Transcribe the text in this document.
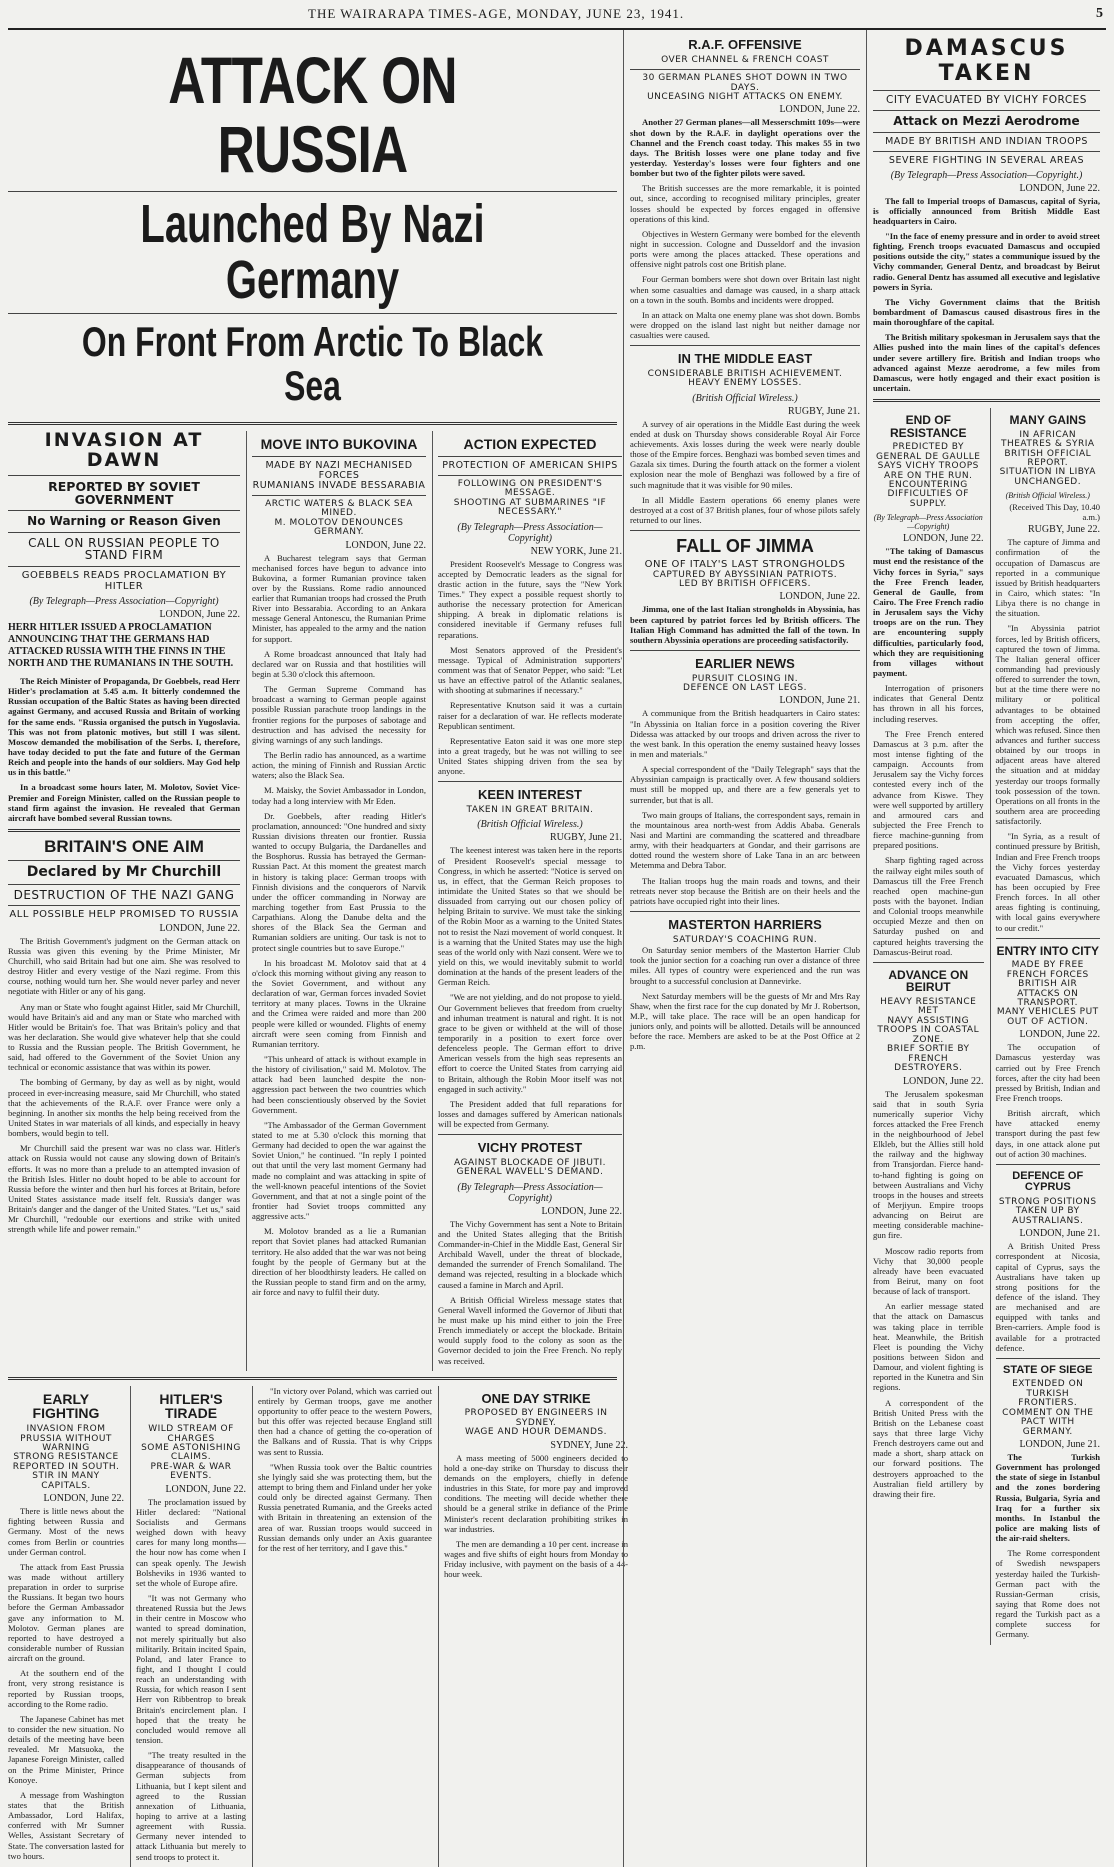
THE WAIRARAPA TIMES-AGE, MONDAY, JUNE 23, 1941.	5
ATTACK ON RUSSIA
Launched By Nazi Germany
On Front From Arctic To Black Sea
INVASION AT DAWN
REPORTED BY SOVIET GOVERNMENT
No Warning or Reason Given
CALL ON RUSSIAN PEOPLE TO STAND FIRM
GOEBBELS READS PROCLAMATION BY HITLER
(By Telegraph—Press Association—Copyright)
LONDON, June 22.
HERR HITLER ISSUED A PROCLAMATION ANNOUNCING THAT THE GERMANS HAD ATTACKED RUSSIA WITH THE FINNS IN THE NORTH AND THE RUMANIANS IN THE SOUTH.

The Reich Minister of Propaganda, Dr Goebbels, read Herr Hitler's proclamation at 5.45 a.m. It bitterly condemned the Russian occupation of the Baltic States as having been directed against Germany, and accused Russia and Britain of working for the same ends. "Russia organised the putsch in Yugoslavia. This was not from platonic motives, but still I was silent. Moscow demanded the mobilisation of the Serbs. I, therefore, have today decided to put the fate and future of the German Reich and people into the hands of our soldiers. May God help us in this battle."

In a broadcast some hours later, M. Molotov, Soviet Vice-Premier and Foreign Minister, called on the Russian people to stand firm against the invasion. He revealed that German aircraft have bombed several Russian towns.

BRITAIN'S ONE AIM
Declared by Mr Churchill
DESTRUCTION OF THE NAZI GANG
ALL POSSIBLE HELP PROMISED TO RUSSIA
LONDON, June 22.

The British Government's judgment on the German attack on Russia was given this evening by the Prime Minister, Mr Churchill, who said Britain had but one aim. She was resolved to destroy Hitler and every vestige of the Nazi regime. From this course, nothing would turn her. She would never parley and never negotiate with Hitler or any of his gang.

Any man or State who fought against Hitler, said Mr Churchill, would have Britain's aid and any man or State who marched with Hitler would be Britain's foe. That was Britain's policy and that was her declaration. She would give whatever help that she could to Russia and the Russian people. The British Government, he said, had offered to the Government of the Soviet Union any technical or economic assistance that was within its power.

The bombing of Germany, by day as well as by night, would proceed in ever-increasing measure, said Mr Churchill, who stated that the achievements of the R.A.F. over France were only a beginning. In another six months the help being received from the United States in war materials of all kinds, and especially in heavy bombers, would begin to tell.

Mr Churchill said the present war was no class war. Hitler's attack on Russia would not cause any slowing down of Britain's efforts. It was no more than a prelude to an attempted invasion of the British Isles. Hitler no doubt hoped to be able to account for Russia before the winter and then hurl his forces at Britain, before United States assistance made itself felt. Russia's danger was Britain's danger and the danger of the United States. "Let us," said Mr Churchill, "redouble our exertions and strike with united strength while life and power remain."

MOVE INTO BUKOVINA
MADE BY NAZI MECHANISED FORCES
RUMANIANS INVADE BESSARABIA
ARCTIC WATERS & BLACK SEA MINED.
M. MOLOTOV DENOUNCES GERMANY.
LONDON, June 22.

A Bucharest telegram says that German mechanised forces have begun to advance into Bukovina, a former Rumanian province taken over by the Russians. Rome radio announced earlier that Rumanian troops had crossed the Pruth River into Bessarabia. According to an Ankara message General Antonescu, the Rumanian Prime Minister, has appealed to the army and the nation for support.

A Rome broadcast announced that Italy had declared war on Russia and that hostilities will begin at 5.30 o'clock this afternoon.

The German Supreme Command has broadcast a warning to German people against possible Russian parachute troop landings in the frontier regions for the purposes of sabotage and destruction and has advised the necessity for giving warnings of any such landings.

The Berlin radio has announced, as a wartime action, the mining of Finnish and Russian Arctic waters; also the Black Sea.

M. Maisky, the Soviet Ambassador in London, today had a long interview with Mr Eden.

Dr. Goebbels, after reading Hitler's proclamation, announced: "One hundred and sixty Russian divisions threaten our frontier. Russia wanted to occupy Bulgaria, the Dardanelles and the Bosphorus. Russia has betrayed the German-Russian Pact. At this moment the greatest march in history is taking place: German troops with Finnish divisions and the conquerors of Narvik under the officer commanding in Norway are marching together from East Prussia to the Carpathians. Along the Danube delta and the shores of the Black Sea the German and Rumanian soldiers are uniting. Our task is not to protect single countries but to save Europe."

In his broadcast M. Molotov said that at 4 o'clock this morning without giving any reason to the Soviet Government, and without any declaration of war, German forces invaded Soviet territory at many places. Towns in the Ukraine and the Crimea were raided and more than 200 people were killed or wounded. Flights of enemy aircraft were seen coming from Finnish and Rumanian territory.

"This unheard of attack is without example in the history of civilisation," said M. Molotov. The attack had been launched despite the non-aggression pact between the two countries which had been conscientiously observed by the Soviet Government.

"The Ambassador of the German Government stated to me at 5.30 o'clock this morning that Germany had decided to open the war against the Soviet Union," he continued. "In reply I pointed out that until the very last moment Germany had made no complaint and was attacking in spite of the well-known peaceful intentions of the Soviet Government, and that at not a single point of the frontier had Soviet troops committed any aggressive acts."

M. Molotov branded as a lie a Rumanian report that Soviet planes had attacked Rumanian territory. He also added that the war was not being fought by the people of Germany but at the direction of her bloodthirsty leaders. He called on the Russian people to stand firm and on the army, air force and navy to fulfil their duty.

ACTION EXPECTED
PROTECTION OF AMERICAN SHIPS
FOLLOWING ON PRESIDENT'S MESSAGE.
SHOOTING AT SUBMARINES "IF NECESSARY."
(By Telegraph—Press Association—Copyright)
NEW YORK, June 21.

President Roosevelt's Message to Congress was accepted by Democratic leaders as the signal for drastic action in the future, says the "New York Times." They expect a possible request shortly to authorise the necessary protection for American shipping. A break in diplomatic relations is considered inevitable if Germany refuses full reparations.

Most Senators approved of the President's message. Typical of Administration supporters' comment was that of Senator Pepper, who said: "Let us have an effective patrol of the Atlantic sealanes, with shooting at submarines if necessary."

Representative Knutson said it was a curtain raiser for a declaration of war. He reflects moderate Republican sentiment.

Representative Eaton said it was one more step into a great tragedy, but he was not willing to see United States shipping driven from the sea by anyone.

KEEN INTEREST
TAKEN IN GREAT BRITAIN.
(British Official Wireless.)
RUGBY, June 21.

The keenest interest was taken here in the reports of President Roosevelt's special message to Congress, in which he asserted: "Notice is served on us, in effect, that the German Reich proposes to intimidate the United States so that we should be dissuaded from carrying out our chosen policy of helping Britain to survive. We must take the sinking of the Robin Moor as a warning to the United States not to resist the Nazi movement of world conquest. It is a warning that the United States may use the high seas of the world only with Nazi consent. Were we to yield on this, we would inevitably submit to world domination at the hands of the present leaders of the German Reich.

"We are not yielding, and do not propose to yield. Our Government believes that freedom from cruelty and inhuman treatment is natural and right. It is not grace to be given or withheld at the will of those temporarily in a position to exert force over defenceless people. The German effort to drive American vessels from the high seas represents an effort to coerce the United States from carrying aid to Britain, although the Robin Moor itself was not engaged in such activity."

The President added that full reparations for losses and damages suffered by American nationals will be expected from Germany.

VICHY PROTEST
AGAINST BLOCKADE OF JIBUTI.
GENERAL WAVELL'S DEMAND.
(By Telegraph—Press Association—Copyright)
LONDON, June 22.

The Vichy Government has sent a Note to Britain and the United States alleging that the British Commander-in-Chief in the Middle East, General Sir Archibald Wavell, under the threat of blockade, demanded the surrender of French Somaliland. The demand was rejected, resulting in a blockade which caused a famine in March and April.

A British Official Wireless message states that General Wavell informed the Governor of Jibuti that he must make up his mind either to join the Free French immediately or accept the blockade. Britain would supply food to the colony as soon as the Governor decided to join the Free French. No reply was received.

EARLY FIGHTING
INVASION FROM PRUSSIA WITHOUT WARNING
STRONG RESISTANCE REPORTED IN SOUTH.
STIR IN MANY CAPITALS.
LONDON, June 22.

There is little news about the fighting between Russia and Germany. Most of the news comes from Berlin or countries under German control.

The attack from East Prussia was made without artillery preparation in order to surprise the Russians. It began two hours before the German Ambassador gave any information to M. Molotov. German planes are reported to have destroyed a considerable number of Russian aircraft on the ground.

At the southern end of the front, very strong resistance is reported by Russian troops, according to the Rome radio.

The Japanese Cabinet has met to consider the new situation. No details of the meeting have been revealed. Mr Matsuoka, the Japanese Foreign Minister, called on the Prime Minister, Prince Konoye.

A message from Washington states that the British Ambassador, Lord Halifax, conferred with Mr Sumner Welles, Assistant Secretary of State. The conversation lasted for two hours.

HITLER'S TIRADE
WILD STREAM OF CHARGES
SOME ASTONISHING CLAIMS.
PRE-WAR & WAR EVENTS.
LONDON, June 22.

The proclamation issued by Hitler declared: "National Socialists and Germans weighed down with heavy cares for many long months—the hour now has come when I can speak openly. The Jewish Bolsheviks in 1936 wanted to set the whole of Europe afire.

"It was not Germany who threatened Russia but the Jews in their centre in Moscow who wanted to spread domination, not merely spiritually but also militarily. Britain incited Spain, Poland, and later France to fight, and I thought I could reach an understanding with Russia, for which reason I sent Herr von Ribbentrop to break Britain's encirclement plan. I hoped that the treaty he concluded would remove all tension.

"The treaty resulted in the disappearance of thousands of German subjects from Lithuania, but I kept silent and agreed to the Russian annexation of Lithuania, hoping to arrive at a lasting agreement with Russia. Germany never intended to attack Lithuania but merely to send troops to protect it.

"In victory over Poland, which was carried out entirely by German troops, gave me another opportunity to offer peace to the western Powers, but this offer was rejected because England still then had a chance of getting the co-operation of the Balkans and of Russia. That is why Cripps was sent to Russia.

"When Russia took over the Baltic countries she lyingly said she was protecting them, but the attempt to bring them and Finland under her yoke could only be directed against Germany. Then Russia penetrated Rumania, and the Greeks acted with Britain in threatening an extension of the area of war. Russian troops would succeed in Russian demands only under an Axis guarantee for the rest of her territory, and I gave this."

ONE DAY STRIKE
PROPOSED BY ENGINEERS IN SYDNEY.
WAGE AND HOUR DEMANDS.
SYDNEY, June 22.

A mass meeting of 5000 engineers decided to hold a one-day strike on Thursday to discuss their demands on the employers, chiefly in defence industries in this State, for more pay and improved conditions. The meeting will decide whether there should be a general strike in defiance of the Prime Minister's recent declaration prohibiting strikes in war industries.

The men are demanding a 10 per cent. increase in wages and five shifts of eight hours from Monday to Friday inclusive, with payment on the basis of a 44-hour week.

R.A.F. OFFENSIVE
OVER CHANNEL & FRENCH COAST
30 GERMAN PLANES SHOT DOWN IN TWO DAYS.
UNCEASING NIGHT ATTACKS ON ENEMY.
LONDON, June 22.

Another 27 German planes—all Messerschmitt 109s—were shot down by the R.A.F. in daylight operations over the Channel and the French coast today. This makes 55 in two days. The British losses were one plane today and five yesterday. Yesterday's losses were four fighters and one bomber but two of the fighter pilots were saved.

The British successes are the more remarkable, it is pointed out, since, according to recognised military principles, greater losses should be expected by forces engaged in offensive operations of this kind.

Objectives in Western Germany were bombed for the eleventh night in succession. Cologne and Dusseldorf and the invasion ports were among the places attacked. These operations and offensive night patrols cost one British plane.

Four German bombers were shot down over Britain last night when some casualties and damage was caused, in a sharp attack on a town in the south. Bombs and incidents were dropped.

In an attack on Malta one enemy plane was shot down. Bombs were dropped on the island last night but neither damage nor casualties were caused.

IN THE MIDDLE EAST
CONSIDERABLE BRITISH ACHIEVEMENT.
HEAVY ENEMY LOSSES.
(British Official Wireless.)
RUGBY, June 21.

A survey of air operations in the Middle East during the week ended at dusk on Thursday shows considerable Royal Air Force achievements. Axis losses during the week were nearly double those of the Empire forces. Benghazi was bombed seven times and Gazala six times. During the fourth attack on the former a violent explosion near the mole of Benghazi was followed by a fire of such magnitude that it was visible for 90 miles.

In all Middle Eastern operations 66 enemy planes were destroyed at a cost of 37 British planes, four of whose pilots safely returned to our lines.

FALL OF JIMMA
ONE OF ITALY'S LAST STRONGHOLDS
CAPTURED BY ABYSSINIAN PATRIOTS.
LED BY BRITISH OFFICERS.
LONDON, June 22.

Jimma, one of the last Italian strongholds in Abyssinia, has been captured by patriot forces led by British officers. The Italian High Command has admitted the fall of the town. In southern Abyssinia operations are proceeding satisfactorily.

EARLIER NEWS
PURSUIT CLOSING IN.
DEFENCE ON LAST LEGS.
LONDON, June 21.

A communique from the British headquarters in Cairo states: "In Abyssinia on Italian force in a position covering the River Didessa was attacked by our troops and driven across the river to the west bank. In this operation the enemy sustained heavy losses in men and materials."

A special correspondent of the "Daily Telegraph" says that the Abyssinian campaign is practically over. A few thousand soldiers must still be mopped up, and there are a few generals yet to surrender, but that is all.

Two main groups of Italians, the correspondent says, remain in the mountainous area north-west from Addis Ababa. Generals Nasi and Martini are commanding the scattered and threadbare army, with their headquarters at Gondar, and their garrisons are dotted round the western shore of Lake Tana in an arc between Metemma and Debra Tabor.

The Italian troops hug the main roads and towns, and their retreats never stop because the British are on their heels and the patriots have occupied right into their lines.

MASTERTON HARRIERS
SATURDAY'S COACHING RUN.

On Saturday senior members of the Masterton Harrier Club took the junior section for a coaching run over a distance of three miles. All types of country were experienced and the run was brought to a successful conclusion at Dannevirke.

Next Saturday members will be the guests of Mr and Mrs Ray Shaw, when the first race for the cup donated by Mr J. Robertson, M.P., will take place. The race will be an open handicap for juniors only, and points will be allotted. Details will be announced before the race. Members are asked to be at the Post Office at 2 p.m.

DAMASCUS TAKEN
CITY EVACUATED BY VICHY FORCES
Attack on Mezzi Aerodrome
MADE BY BRITISH AND INDIAN TROOPS
SEVERE FIGHTING IN SEVERAL AREAS
(By Telegraph—Press Association—Copyright.)
LONDON, June 22.

The fall to Imperial troops of Damascus, capital of Syria, is officially announced from British Middle East headquarters in Cairo.

"In the face of enemy pressure and in order to avoid street fighting, French troops evacuated Damascus and occupied positions outside the city," states a communique issued by the Vichy commander, General Dentz, and broadcast by Beirut radio. General Dentz has assumed all executive and legislative powers in Syria.

The Vichy Government claims that the British bombardment of Damascus caused disastrous fires in the main thoroughfare of the capital.

The British military spokesman in Jerusalem says that the Allies pushed into the main lines of the capital's defences under severe artillery fire. British and Indian troops who advanced against Mezze aerodrome, a few miles from Damascus, were hotly engaged and their exact position is uncertain.

END OF RESISTANCE
PREDICTED BY GENERAL DE GAULLE
SAYS VICHY TROOPS ARE ON THE RUN.
ENCOUNTERING DIFFICULTIES OF SUPPLY.
(By Telegraph—Press Association—Copyright)
LONDON, June 22.

"The taking of Damascus must end the resistance of the Vichy forces in Syria," says the Free French leader, General de Gaulle, from Cairo. The Free French radio in Jerusalem says the Vichy troops are on the run. They are encountering supply difficulties, particularly food, which they are requisitioning from villages without payment.

Interrogation of prisoners indicates that General Dentz has thrown in all his forces, including reserves.

The Free French entered Damascus at 3 p.m. after the most intense fighting of the campaign. Accounts from Jerusalem say the Vichy forces contested every inch of the advance from Kiswe. They were well supported by artillery and armoured cars and subjected the Free French to fierce machine-gunning from prepared positions.

Sharp fighting raged across the railway eight miles south of Damascus till the Free French reached open machine-gun posts with the bayonet. Indian and Colonial troops meanwhile occupied Mezze and then on Saturday pushed on and captured heights traversing the Damascus-Beirut road.

ADVANCE ON BEIRUT
HEAVY RESISTANCE MET
NAVY ASSISTING TROOPS IN COASTAL ZONE.
BRIEF SORTIE BY FRENCH DESTROYERS.
LONDON, June 22.

The Jerusalem spokesman said that in south Syria numerically superior Vichy forces attacked the Free French in the neighbourhood of Jebel Elkleb, but the Allies still hold the railway and the highway from Transjordan. Fierce hand-to-hand fighting is going on between Australians and Vichy troops in the houses and streets of Merjiyun. Empire troops advancing on Beirut are meeting considerable machine-gun fire.

Moscow radio reports from Vichy that 30,000 people already have been evacuated from Beirut, many on foot because of lack of transport.

An earlier message stated that the attack on Damascus was taking place in terrible heat. Meanwhile, the British Fleet is pounding the Vichy positions between Sidon and Damour, and violent fighting is reported in the Kunetra and Sin regions.

A correspondent of the British United Press with the British on the Lebanese coast says that three large Vichy French destroyers came out and made a short, sharp attack on our forward positions. The destroyers approached to the Australian field artillery by drawing their fire.

MANY GAINS
IN AFRICAN THEATRES & SYRIA
BRITISH OFFICIAL REPORT.
SITUATION IN LIBYA UNCHANGED.
(British Official Wireless.)
(Received This Day, 10.40 a.m.)
RUGBY, June 22.

The capture of Jimma and confirmation of the occupation of Damascus are reported in a communique issued by British headquarters in Cairo, which states: "In Libya there is no change in the situation.

"In Abyssinia patriot forces, led by British officers, captured the town of Jimma. The Italian general officer commanding had previously offered to surrender the town, but at the time there were no military or political advantages to be obtained from accepting the offer, which was refused. Since then advances and further success obtained by our troops in adjacent areas have altered the situation and at midday yesterday our troops formally took possession of the town. Operations on all fronts in the southern area are proceeding satisfactorily.

"In Syria, as a result of continued pressure by British, Indian and Free French troops the Vichy forces yesterday evacuated Damascus, which has been occupied by Free French forces. In all other areas fighting is continuing, with local gains everywhere to our credit."

ENTRY INTO CITY
MADE BY FREE FRENCH FORCES
BRITISH AIR ATTACKS ON TRANSPORT.
MANY VEHICLES PUT OUT OF ACTION.
LONDON, June 22.

The occupation of Damascus yesterday was carried out by Free French forces, after the city had been pressed by British, Indian and Free French troops.

British aircraft, which have attacked enemy transport during the past few days, in one attack alone put out of action 30 machines.

DEFENCE OF CYPRUS
STRONG POSITIONS TAKEN UP BY AUSTRALIANS.
LONDON, June 21.

A British United Press correspondent at Nicosia, capital of Cyprus, says the Australians have taken up strong positions for the defence of the island. They are mechanised and are equipped with tanks and Bren-carriers. Ample food is available for a protracted defence.

STATE OF SIEGE
EXTENDED ON TURKISH FRONTIERS.
COMMENT ON THE PACT WITH GERMANY.
LONDON, June 21.

The Turkish Government has prolonged the state of siege in Istanbul and the zones bordering Russia, Bulgaria, Syria and Iraq for a further six months. In Istanbul the police are making lists of the air-raid shelters.

The Rome correspondent of Swedish newspapers yesterday hailed the Turkish-German pact with the Russian-German crisis, saying that Rome does not regard the Turkish pact as a complete success for Germany.
